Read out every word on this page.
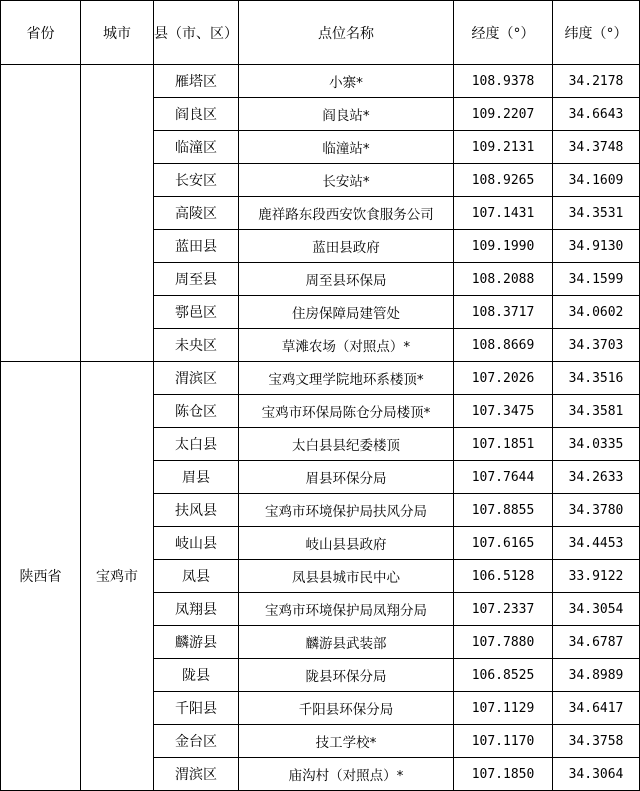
省份	城市	县（市、区）	点位名称	经度（°）	纬度（°）
		雁塔区	小寨*	108.9378	34.2178
		阎良区	阎良站*	109.2207	34.6643
		临潼区	临潼站*	109.2131	34.3748
		长安区	长安站*	108.9265	34.1609
		高陵区	鹿祥路东段西安饮食服务公司	107.1431	34.3531
		蓝田县	蓝田县政府	109.1990	34.9130
		周至县	周至县环保局	108.2088	34.1599
		鄠邑区	住房保障局建管处	108.3717	34.0602
		未央区	草滩农场（对照点）*	108.8669	34.3703
陕西省	宝鸡市	渭滨区	宝鸡文理学院地环系楼顶*	107.2026	34.3516
		陈仓区	宝鸡市环保局陈仓分局楼顶*	107.3475	34.3581
		太白县	太白县县纪委楼顶	107.1851	34.0335
		眉县	眉县环保分局	107.7644	34.2633
		扶风县	宝鸡市环境保护局扶风分局	107.8855	34.3780
		岐山县	岐山县县政府	107.6165	34.4453
		凤县	凤县县城市民中心	106.5128	33.9122
		凤翔县	宝鸡市环境保护局凤翔分局	107.2337	34.3054
		麟游县	麟游县武装部	107.7880	34.6787
		陇县	陇县环保分局	106.8525	34.8989
		千阳县	千阳县环保分局	107.1129	34.6417
		金台区	技工学校*	107.1170	34.3758
		渭滨区	庙沟村（对照点）*	107.1850	34.3064
